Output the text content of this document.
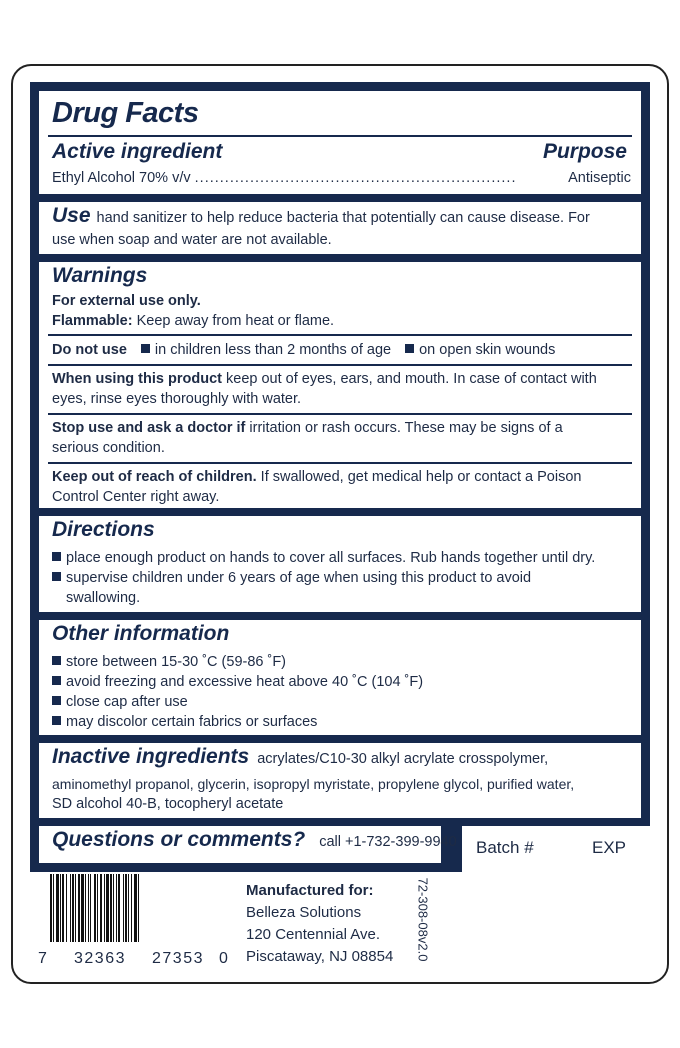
Drug Facts
Active ingredient	Purpose
Ethyl Alcohol 70% v/v ................................................................	Antiseptic
Use hand sanitizer to help reduce bacteria that potentially can cause disease. For
use when soap and water are not available.
Warnings
For external use only.
Flammable: Keep away from heat or flame.
Do not use in children less than 2 months of age on open skin wounds
When using this product keep out of eyes, ears, and mouth. In case of contact with
eyes, rinse eyes thoroughly with water.
Stop use and ask a doctor if irritation or rash occurs. These may be signs of a
serious condition.
Keep out of reach of children. If swallowed, get medical help or contact a Poison
Control Center right away.
Directions
place enough product on hands to cover all surfaces. Rub hands together until dry.
supervise children under 6 years of age when using this product to avoid
swallowing.
Other information
store between 15-30 ˚C (59-86 ˚F)
avoid freezing and excessive heat above 40 ˚C (104 ˚F)
close cap after use
may discolor certain fabrics or surfaces
Inactive ingredients acrylates/C10-30 alkyl acrylate crosspolymer,
aminomethyl propanol, glycerin, isopropyl myristate, propylene glycol, purified water,
SD alcohol 40-B, tocopheryl acetate
Questions or comments? call +1-732-399-9940 Batch #	EXP
7 32363 27353 0
Manufactured for:
Belleza Solutions
120 Centennial Ave.
Piscataway, NJ 08854 72-308-08v2.0
